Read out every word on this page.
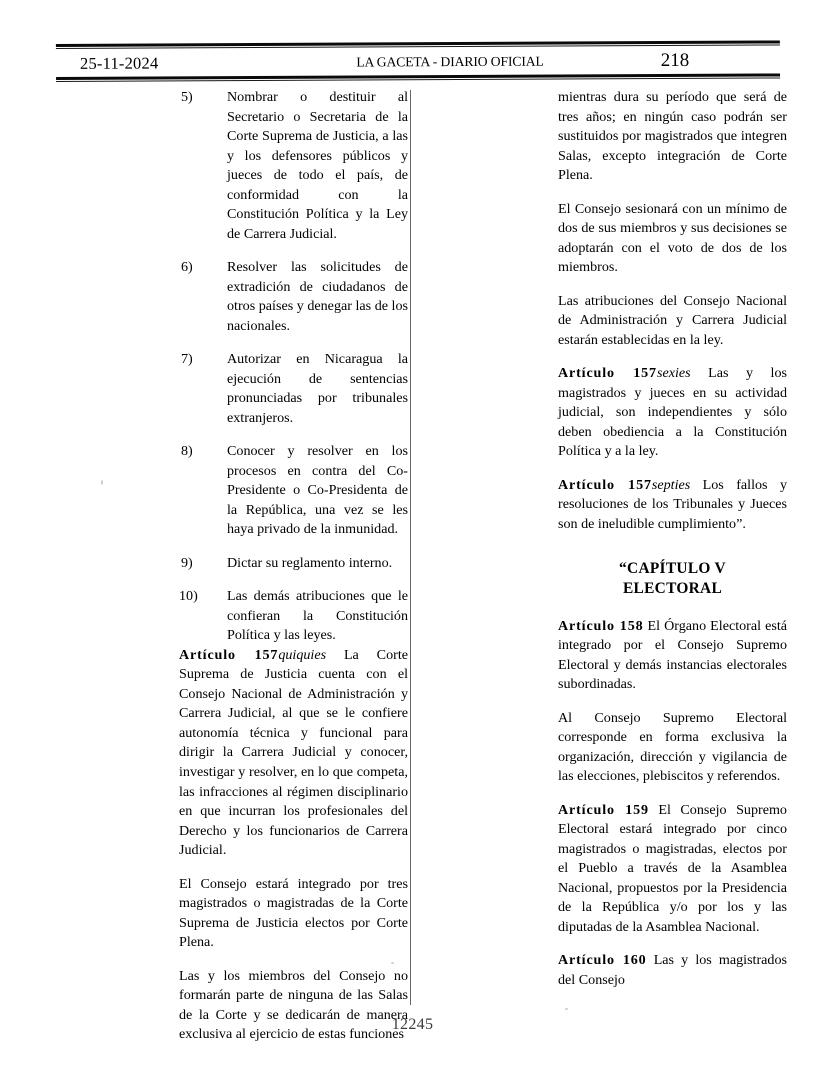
25-11-2024	LA GACETA - DIARIO OFICIAL	218
5)	Nombrar o destituir al Secretario o Secretaria de la Corte Suprema de Justicia, a las y los defensores públicos y jueces de todo el país, de conformidad con la Constitución Política y la Ley de Carrera Judicial.
6)	Resolver las solicitudes de extradición de ciudadanos de otros países y denegar las de los nacionales.
7)	Autorizar en Nicaragua la ejecución de sentencias pronunciadas por tribunales extranjeros.
8)	Conocer y resolver en los procesos en contra del Co-Presidente o Co-Presidenta de la República, una vez se les haya privado de la inmunidad.
9)	Dictar su reglamento interno.
10)	Las demás atribuciones que le confieran la Constitución Política y las leyes.

Artículo 157quiquies La Corte Suprema de Justicia cuenta con el Consejo Nacional de Administración y Carrera Judicial, al que se le confiere autonomía técnica y funcional para dirigir la Carrera Judicial y conocer, investigar y resolver, en lo que competa, las infracciones al régimen disciplinario en que incurran los profesionales del Derecho y los funcionarios de Carrera Judicial.

El Consejo estará integrado por tres magistrados o magistradas de la Corte Suprema de Justicia electos por Corte Plena.

Las y los miembros del Consejo no formarán parte de ninguna de las Salas de la Corte y se dedicarán de manera exclusiva al ejercicio de estas funciones

mientras dura su período que será de tres años; en ningún caso podrán ser sustituidos por magistrados que integren Salas, excepto integración de Corte Plena.

El Consejo sesionará con un mínimo de dos de sus miembros y sus decisiones se adoptarán con el voto de dos de los miembros.

Las atribuciones del Consejo Nacional de Administración y Carrera Judicial estarán establecidas en la ley.

Artículo 157sexies Las y los magistrados y jueces en su actividad judicial, son independientes y sólo deben obediencia a la Constitución Política y a la ley.

Artículo 157septies Los fallos y resoluciones de los Tribunales y Jueces son de ineludible cumplimiento”.

“CAPÍTULO V
ELECTORAL

Artículo 158 El Órgano Electoral está integrado por el Consejo Supremo Electoral y demás instancias electorales subordinadas.

Al Consejo Supremo Electoral corresponde en forma exclusiva la organización, dirección y vigilancia de las elecciones, plebiscitos y referendos.

Artículo 159 El Consejo Supremo Electoral estará integrado por cinco magistrados o magistradas, electos por el Pueblo a través de la Asamblea Nacional, propuestos por la Presidencia de la República y/o por los y las diputadas de la Asamblea Nacional.

Artículo 160 Las y los magistrados del Consejo

12245
